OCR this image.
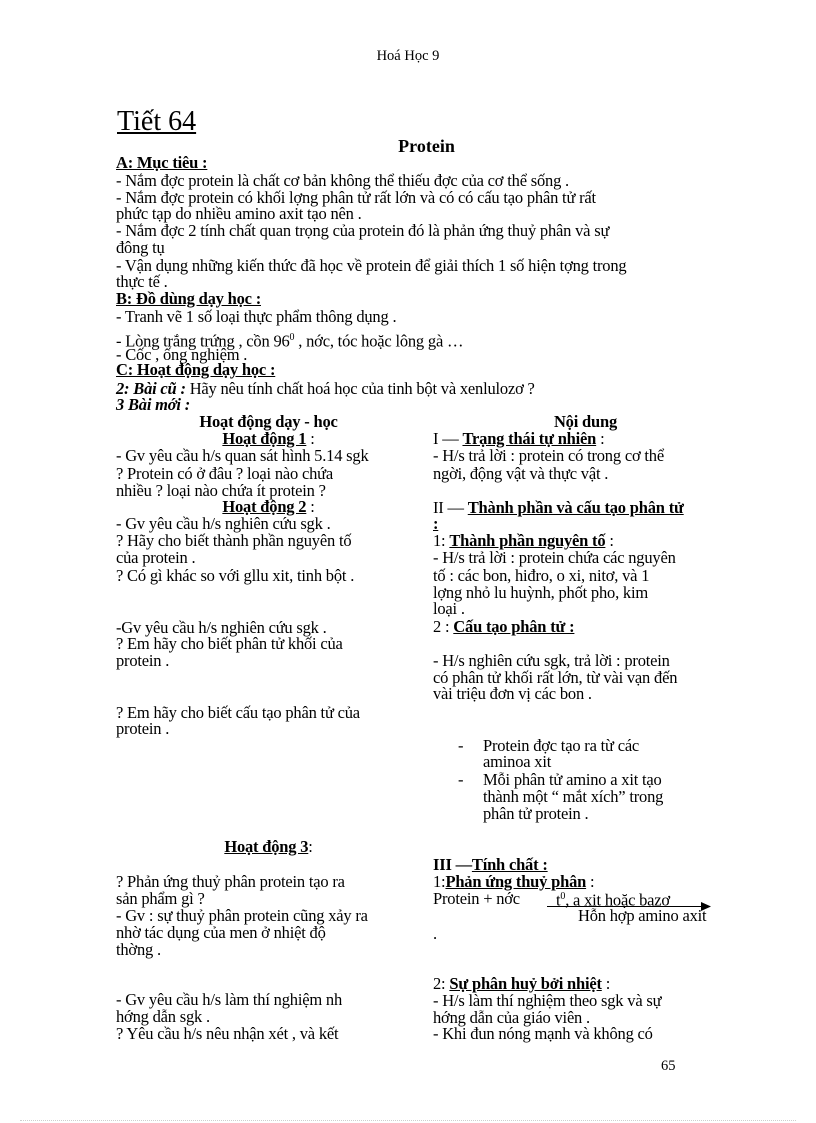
Hoá Học 9
Tiết 64
Protein
A: Mục tiêu :
- Nắm đợc protein là chất cơ bản không thể thiếu đợc của cơ thể sống .
- Nắm đợc protein có khối lợng phân tử rất lớn và có có cấu tạo phân tử rất
phức tạp do nhiều amino axit tạo nên .
- Nắm đợc 2 tính chất quan trọng của protein đó là phản ứng thuỷ phân và sự
đông tụ
- Vận dụng những kiến thức đã học về protein để giải thích 1 số hiện tợng trong
thực tế .
B: Đồ dùng dạy học :
- Tranh vẽ 1 số loại thực phẩm thông dụng .
- Lòng trắng trứng , cồn $96^0$ , nớc, tóc hoặc lông gà …
- Cốc , ống nghiệm .
C: Hoạt động dạy học :
2: Bài cũ : Hãy nêu tính chất hoá học của tinh bột và xenlulozơ ?
3 Bài mới :
Hoạt động dạy - học	Nội dung
Hoạt động 1 :
- Gv yêu cầu h/s quan sát hình 5.14 sgk
? Protein có ở đâu ? loại nào chứa
nhiều ? loại nào chứa ít protein ?
Hoạt động 2 :
- Gv yêu cầu h/s nghiên cứu sgk .
? Hãy cho biết thành phần nguyên tố
của protein .
? Có gì khác so với gllu xit, tinh bột .
-Gv yêu cầu h/s nghiên cứu sgk .
? Em hãy cho biết phân tử khối của
protein .
? Em hãy cho biết cấu tạo phân tử của
protein .
Hoạt động 3:
? Phản ứng thuỷ phân protein tạo ra
sản phẩm gì ?
- Gv : sự thuỷ phân protein cũng xảy ra
nhờ tác dụng của men ở nhiệt độ
thờng .
- Gv yêu cầu h/s làm thí nghiệm nh
hớng dẫn sgk .
? Yêu cầu h/s nêu nhận xét , và kết
I — Trạng thái tự nhiên :
- H/s trả lời : protein có trong cơ thể
ngời, động vật và thực vật .
II — Thành phần và cấu tạo phân tử
:
1: Thành phần nguyên tố :
- H/s trả lời : protein chứa các nguyên
tố : các bon, hiđro, o xi, nitơ, và 1
lợng nhỏ lu huỳnh, phốt pho, kim
loại .
2 : Cấu tạo phân tử :
- H/s nghiên cứu sgk, trả lời : protein
có phân tử khối rất lớn, từ vài vạn đến
vài triệu đơn vị các bon .
- Protein đợc tạo ra từ các
aminoa xit
- Mỗi phân tử amino a xit tạo
thành một “ mắt xích” trong
phân tử protein .
III —Tính chất :
1:Phản ứng thuỷ phân :
Protein + nớc $t^0$, a xit hoặc bazơ
Hỗn hợp amino axit
.
2: Sự phân huỷ bởi nhiệt :
- H/s làm thí nghiệm theo sgk và sự
hớng dẫn của giáo viên .
- Khi đun nóng mạnh và không có
65
